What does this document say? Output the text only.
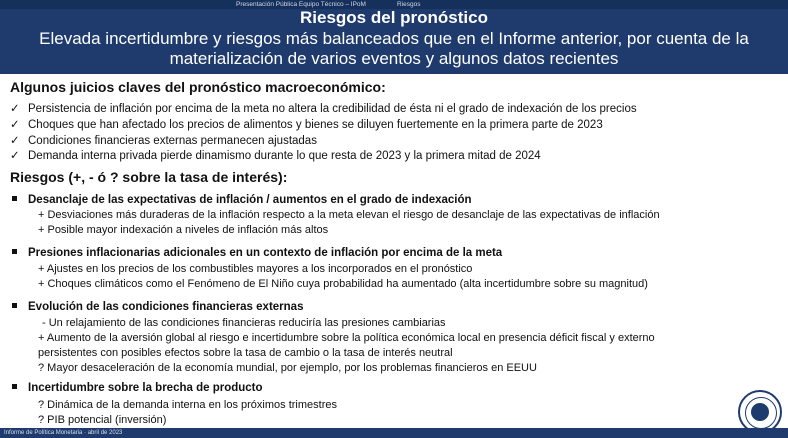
Presentación Pública Equipo Técnico – IPoM	Riesgos
Riesgos del pronóstico
Elevada incertidumbre y riesgos más balanceados que en el Informe anterior, por cuenta de la materialización de varios eventos y algunos datos recientes
Algunos juicios claves del pronóstico macroeconómico:
✓ Persistencia de inflación por encima de la meta no altera la credibilidad de ésta ni el grado de indexación de los precios
✓ Choques que han afectado los precios de alimentos y bienes se diluyen fuertemente en la primera parte de 2023
✓ Condiciones financieras externas permanecen ajustadas
✓ Demanda interna privada pierde dinamismo durante lo que resta de 2023 y la primera mitad de 2024
Riesgos (+, - ó ? sobre la tasa de interés):
Desanclaje de las expectativas de inflación / aumentos en el grado de indexación
+ Desviaciones más duraderas de la inflación respecto a la meta elevan el riesgo de desanclaje de las expectativas de inflación
+ Posible mayor indexación a niveles de inflación más altos
Presiones inflacionarias adicionales en un contexto de inflación por encima de la meta
+ Ajustes en los precios de los combustibles mayores a los incorporados en el pronóstico
+ Choques climáticos como el Fenómeno de El Niño cuya probabilidad ha aumentado (alta incertidumbre sobre su magnitud)
Evolución de las condiciones financieras externas
- Un relajamiento de las condiciones financieras reduciría las presiones cambiarias
+ Aumento de la aversión global al riesgo e incertidumbre sobre la política económica local en presencia déficit fiscal y externo
persistentes con posibles efectos sobre la tasa de cambio o la tasa de interés neutral
? Mayor desaceleración de la economía mundial, por ejemplo, por los problemas financieros en EEUU
Incertidumbre sobre la brecha de producto
? Dinámica de la demanda interna en los próximos trimestres
? PIB potencial (inversión)
Informe de Política Monetaria · abril de 2023
